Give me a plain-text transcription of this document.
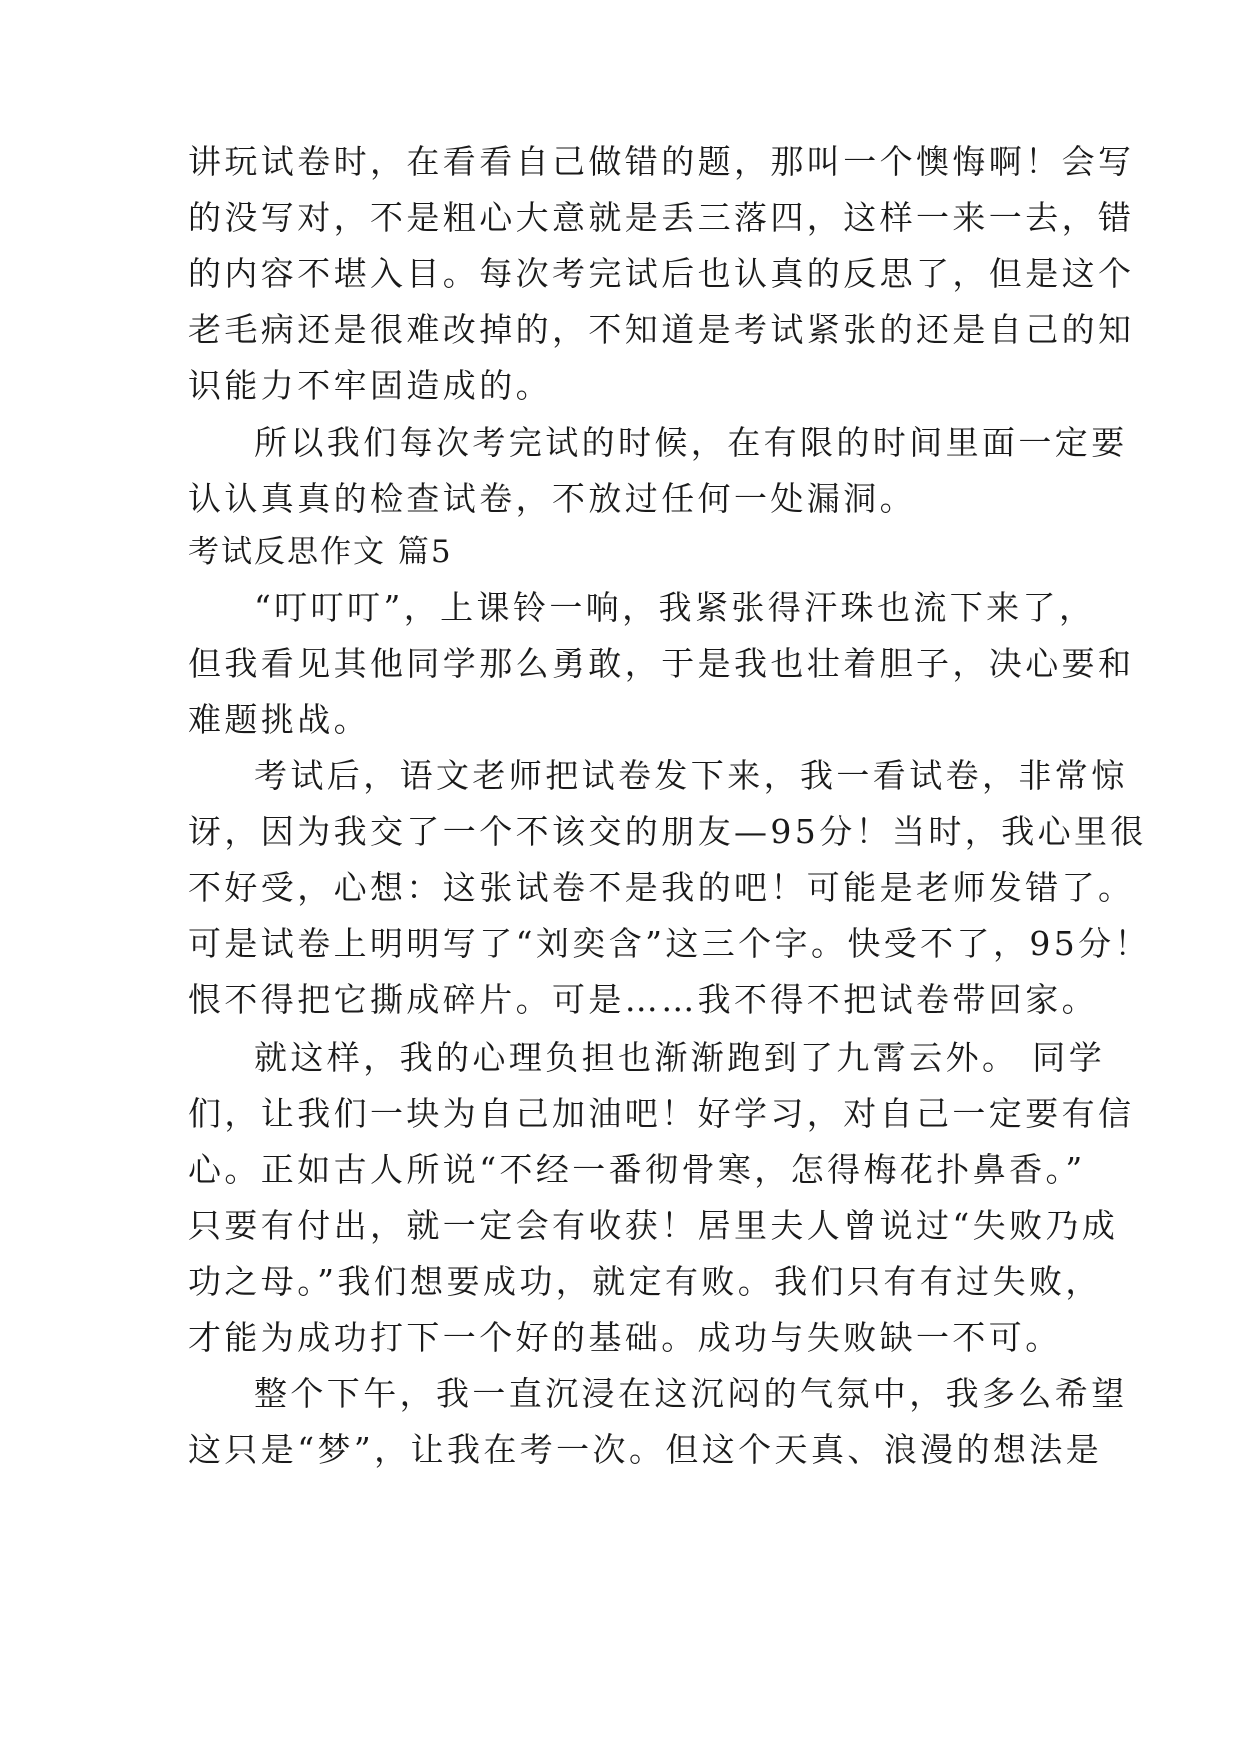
讲玩试卷时，在看看自己做错的题，那叫一个懊悔啊！会写
的没写对，不是粗心大意就是丢三落四，这样一来一去，错
的内容不堪入目。每次考完试后也认真的反思了，但是这个
老毛病还是很难改掉的，不知道是考试紧张的还是自己的知
识能力不牢固造成的。
所以我们每次考完试的时候，在有限的时间里面一定要
认认真真的检查试卷，不放过任何一处漏洞。
考试反思作文 篇5
“叮叮叮”，上课铃一响，我紧张得汗珠也流下来了，
但我看见其他同学那么勇敢，于是我也壮着胆子，决心要和
难题挑战。
考试后，语文老师把试卷发下来，我一看试卷，非常惊
讶，因为我交了一个不该交的朋友—95分！当时，我心里很
不好受，心想：这张试卷不是我的吧！可能是老师发错了。
可是试卷上明明写了“刘奕含”这三个字。快受不了，95分！
恨不得把它撕成碎片。可是……我不得不把试卷带回家。
就这样，我的心理负担也渐渐跑到了九霄云外。 同学
们，让我们一块为自己加油吧！好学习，对自己一定要有信
心。正如古人所说“不经一番彻骨寒，怎得梅花扑鼻香。”
只要有付出，就一定会有收获！居里夫人曾说过“失败乃成
功之母。”我们想要成功，就定有败。我们只有有过失败，
才能为成功打下一个好的基础。成功与失败缺一不可。
整个下午，我一直沉浸在这沉闷的气氛中，我多么希望
这只是“梦”，让我在考一次。但这个天真、浪漫的想法是
